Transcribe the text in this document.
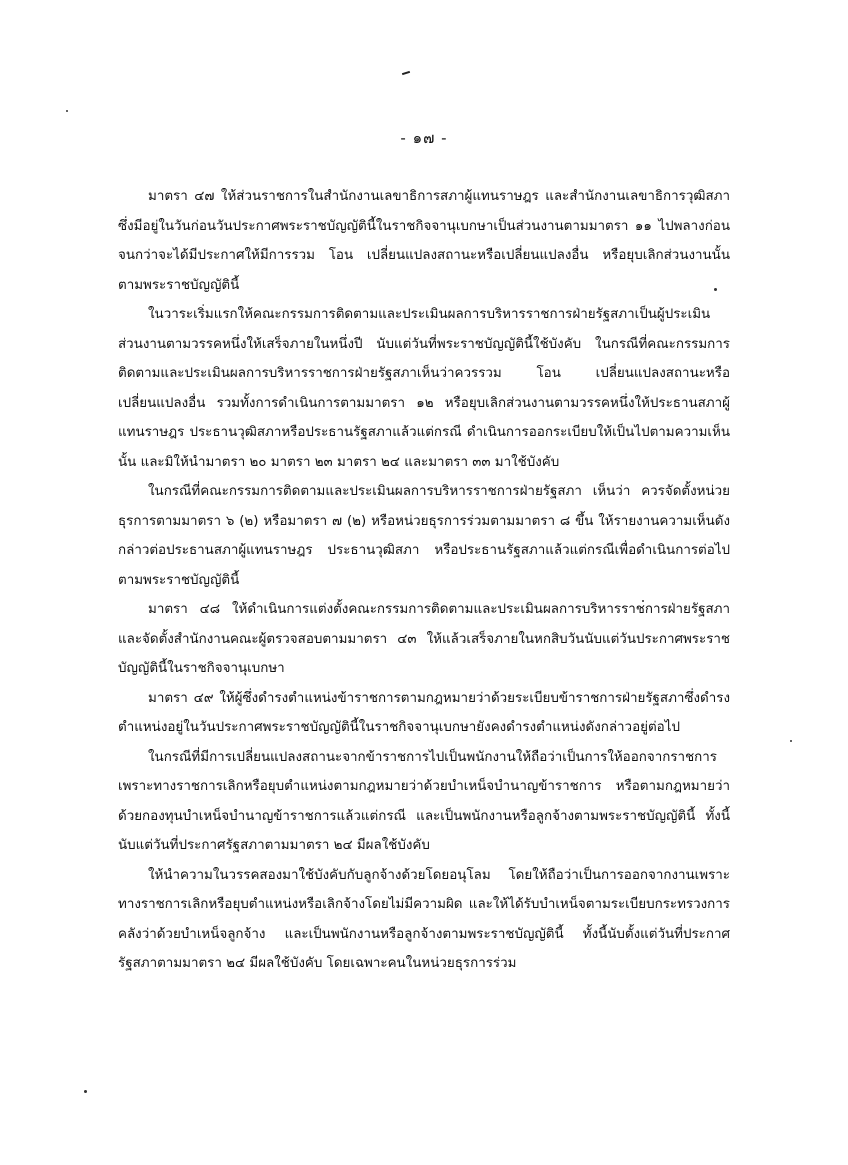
- ๑๗ -

มาตรา ๔๗ ให้ส่วนราชการในสำนักงานเลขาธิการสภาผู้แทนราษฎร และสำนักงานเลขาธิการวุฒิสภา ซึ่งมีอยู่ในวันก่อนวันประกาศพระราชบัญญัตินี้ในราชกิจจานุเบกษาเป็นส่วนงานตามมาตรา ๑๑ ไปพลางก่อนจนกว่าจะได้มีประกาศให้มีการรวม โอน เปลี่ยนแปลงสถานะหรือเปลี่ยนแปลงอื่น หรือยุบเลิกส่วนงานนั้นตามพระราชบัญญัตินี้

ในวาระเริ่มแรกให้คณะกรรมการติดตามและประเมินผลการบริหารราชการฝ่ายรัฐสภาเป็นผู้ประเมินส่วนงานตามวรรคหนึ่งให้เสร็จภายในหนึ่งปี นับแต่วันที่พระราชบัญญัตินี้ใช้บังคับ ในกรณีที่คณะกรรมการติดตามและประเมินผลการบริหารราชการฝ่ายรัฐสภาเห็นว่าควรรวม โอน เปลี่ยนแปลงสถานะหรือเปลี่ยนแปลงอื่น รวมทั้งการดำเนินการตามมาตรา ๑๒ หรือยุบเลิกส่วนงานตามวรรคหนึ่งให้ประธานสภาผู้แทนราษฎร ประธานวุฒิสภาหรือประธานรัฐสภาแล้วแต่กรณี ดำเนินการออกระเบียบให้เป็นไปตามความเห็นนั้น และมิให้นำมาตรา ๒๐ มาตรา ๒๓ มาตรา ๒๔ และมาตรา ๓๓ มาใช้บังคับ

ในกรณีที่คณะกรรมการติดตามและประเมินผลการบริหารราชการฝ่ายรัฐสภา เห็นว่า ควรจัดตั้งหน่วยธุรการตามมาตรา ๖ (๒) หรือมาตรา ๗ (๒) หรือหน่วยธุรการร่วมตามมาตรา ๘ ขึ้น ให้รายงานความเห็นดังกล่าวต่อประธานสภาผู้แทนราษฎร ประธานวุฒิสภา หรือประธานรัฐสภาแล้วแต่กรณีเพื่อดำเนินการต่อไปตามพระราชบัญญัตินี้

มาตรา ๔๘ ให้ดำเนินการแต่งตั้งคณะกรรมการติดตามและประเมินผลการบริหารราชการฝ่ายรัฐสภา และจัดตั้งสำนักงานคณะผู้ตรวจสอบตามมาตรา ๔๓ ให้แล้วเสร็จภายในหกสิบวันนับแต่วันประกาศพระราชบัญญัตินี้ในราชกิจจานุเบกษา

มาตรา ๔๙ ให้ผู้ซึ่งดำรงตำแหน่งข้าราชการตามกฎหมายว่าด้วยระเบียบข้าราชการฝ่ายรัฐสภาซึ่งดำรงตำแหน่งอยู่ในวันประกาศพระราชบัญญัตินี้ในราชกิจจานุเบกษายังคงดำรงตำแหน่งดังกล่าวอยู่ต่อไป

ในกรณีที่มีการเปลี่ยนแปลงสถานะจากข้าราชการไปเป็นพนักงานให้ถือว่าเป็นการให้ออกจากราชการเพราะทางราชการเลิกหรือยุบตำแหน่งตามกฎหมายว่าด้วยบำเหน็จบำนาญข้าราชการ หรือตามกฎหมายว่าด้วยกองทุนบำเหน็จบำนาญข้าราชการแล้วแต่กรณี และเป็นพนักงานหรือลูกจ้างตามพระราชบัญญัตินี้ ทั้งนี้นับแต่วันที่ประกาศรัฐสภาตามมาตรา ๒๔ มีผลใช้บังคับ

ให้นำความในวรรคสองมาใช้บังคับกับลูกจ้างด้วยโดยอนุโลม โดยให้ถือว่าเป็นการออกจากงานเพราะทางราชการเลิกหรือยุบตำแหน่งหรือเลิกจ้างโดยไม่มีความผิด และให้ได้รับบำเหน็จตามระเบียบกระทรวงการคลังว่าด้วยบำเหน็จลูกจ้าง และเป็นพนักงานหรือลูกจ้างตามพระราชบัญญัตินี้ ทั้งนี้นับตั้งแต่วันที่ประกาศรัฐสภาตามมาตรา ๒๔ มีผลใช้บังคับ โดยเฉพาะคนในหน่วยธุรการร่วม
